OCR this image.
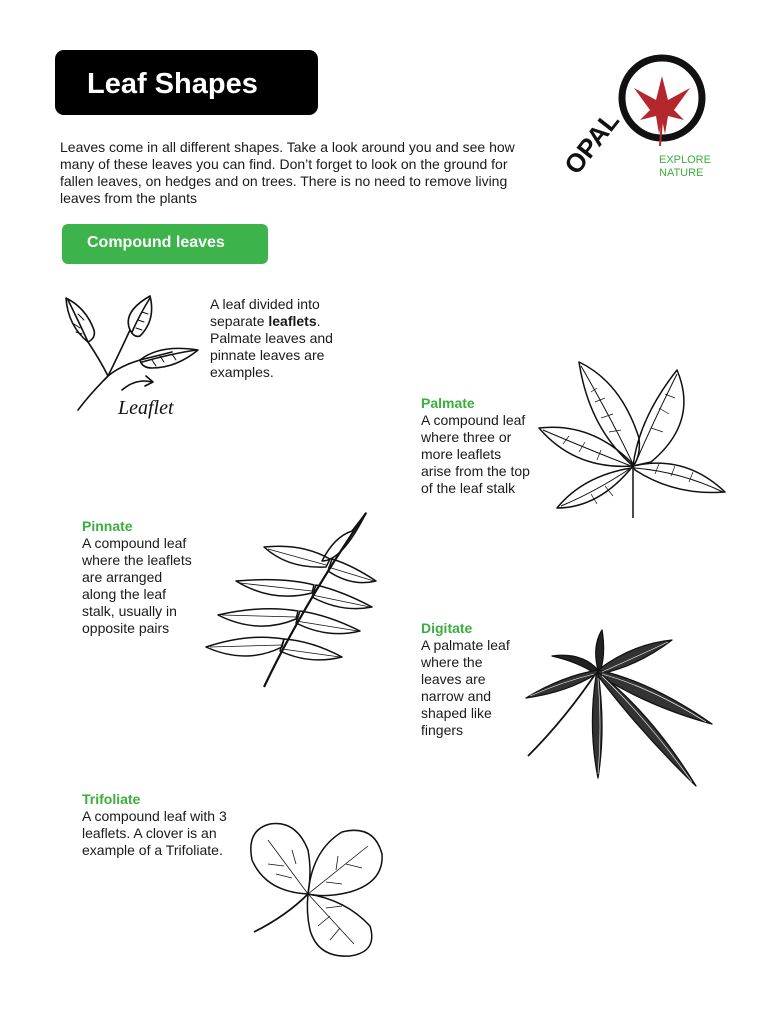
Leaf Shapes
OPAL	EXPLORE
NATURE

Leaves come in all different shapes. Take a look around you and see how many of these leaves you can find. Don’t forget to look on the ground for fallen leaves, on hedges and on trees. There is no need to remove living leaves from the plants

Compound leaves
Leaflet
A leaf divided into separate leaflets. Palmate leaves and pinnate leaves are examples.
Palmate
A compound leaf where three or more leaflets arise from the top of the leaf stalk
Pinnate
A compound leaf where the leaflets are arranged along the leaf stalk, usually in opposite pairs	Digitate
A palmate leaf where the leaves are narrow and shaped like fingers
Trifoliate
A compound leaf with 3 leaflets. A clover is an example of a Trifoliate.
